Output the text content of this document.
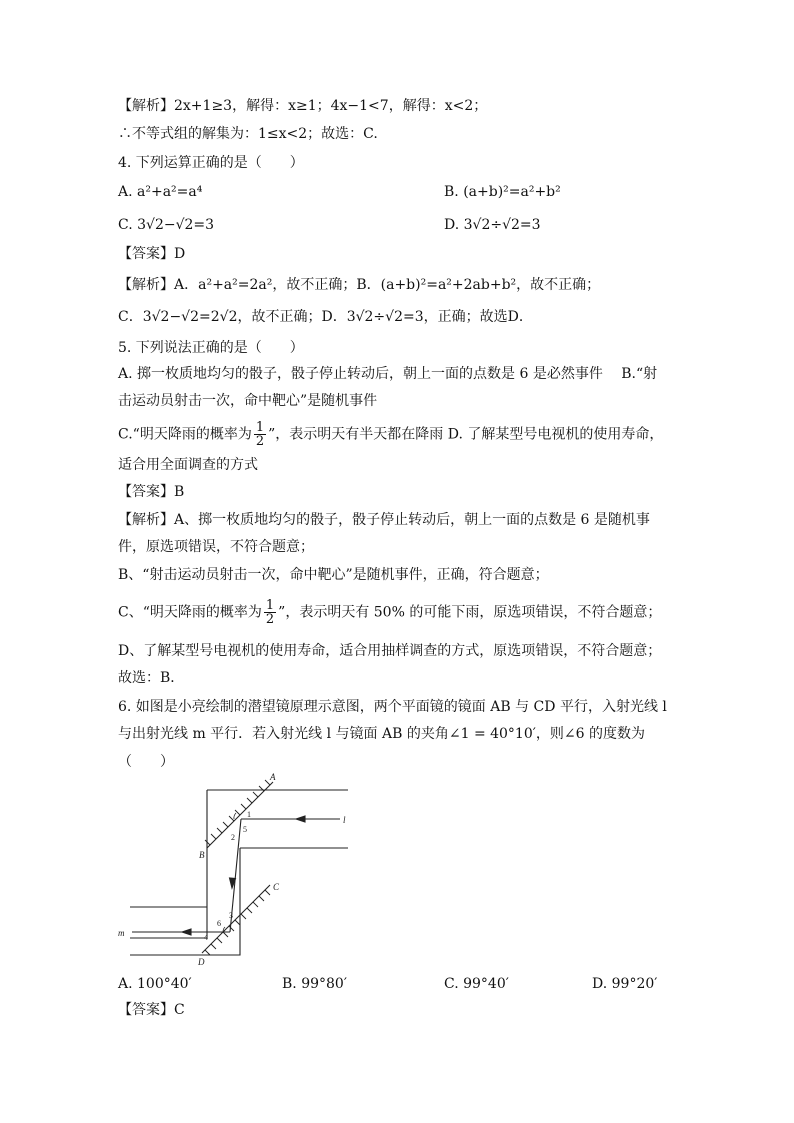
【解析】2x+1≥3，解得：x≥1；4x−1<7，解得：x<2；
∴不等式组的解集为：1≤x<2；故选：C.
4. 下列运算正确的是（　　）
A. a²+a²=a⁴	B. (a+b)²=a²+b²
C. 3√2−√2=3	D. 3√2÷√2=3
【答案】D
【解析】A．a²+a²=2a²，故不正确；B．(a+b)²=a²+2ab+b²，故不正确；
C．3√2−√2=2√2，故不正确；D．3√2÷√2=3，正确；故选D．
5. 下列说法正确的是（　　）
A. 掷一枚质地均匀的骰子，骰子停止转动后，朝上一面的点数是 6 是必然事件　 B.“射
击运动员射击一次，命中靶心”是随机事件
C.“明天降雨的概率为 $\frac{1}{2}$ ”，表示明天有半天都在降雨 D. 了解某型号电视机的使用寿命，
适合用全面调查的方式
【答案】B
【解析】A、掷一枚质地均匀的骰子，骰子停止转动后，朝上一面的点数是 6 是随机事
件，原选项错误，不符合题意；
B、“射击运动员射击一次，命中靶心”是随机事件，正确，符合题意；
C、“明天降雨的概率为 $\frac{1}{2}$ ”，表示明天有 50% 的可能下雨，原选项错误，不符合题意；
D、了解某型号电视机的使用寿命，适合用抽样调查的方式，原选项错误，不符合题意；
故选：B．
6. 如图是小亮绘制的潜望镜原理示意图，两个平面镜的镜面 AB 与 CD 平行，入射光线 l
与出射光线 m 平行．若入射光线 l 与镜面 AB 的夹角∠1 = 40°10′，则∠6 的度数为
（　　）
A
B
C
D
l
m
1
5
2
3
6
4
A. 100°40′	B. 99°80′	C. 99°40′	D. 99°20′
【答案】C
